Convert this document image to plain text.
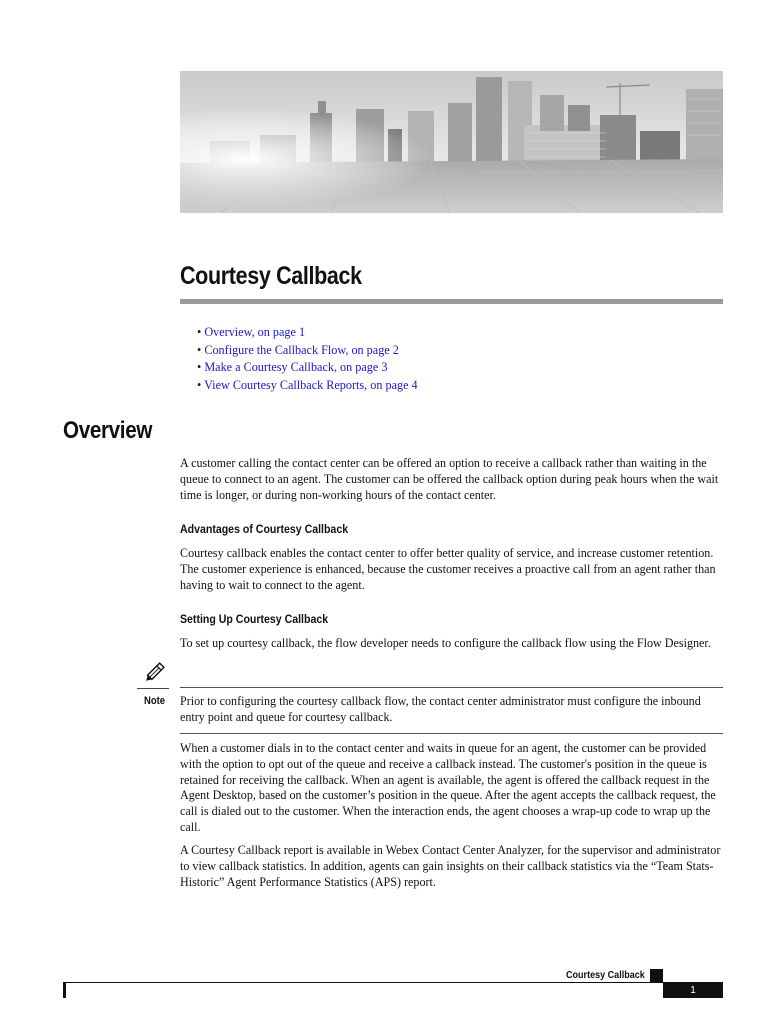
Courtesy Callback
• Overview, on page 1
• Configure the Callback Flow, on page 2
• Make a Courtesy Callback, on page 3
• View Courtesy Callback Reports, on page 4
Overview

A customer calling the contact center can be offered an option to receive a callback rather than waiting in the queue to connect to an agent. The customer can be offered the callback option during peak hours when the wait time is longer, or during non-working hours of the contact center.

Advantages of Courtesy Callback

Courtesy callback enables the contact center to offer better quality of service, and increase customer retention. The customer experience is enhanced, because the customer receives a proactive call from an agent rather than having to wait to connect to the agent.

Setting Up Courtesy Callback

To set up courtesy callback, the flow developer needs to configure the callback flow using the Flow Designer.

Note Prior to configuring the courtesy callback flow, the contact center administrator must configure the inbound entry point and queue for courtesy callback.

When a customer dials in to the contact center and waits in queue for an agent, the customer can be provided with the option to opt out of the queue and receive a callback instead. The customer's position in the queue is retained for receiving the callback. When an agent is available, the agent is offered the callback request in the Agent Desktop, based on the customer’s position in the queue. After the agent accepts the callback request, the call is dialed out to the customer. When the interaction ends, the agent chooses a wrap-up code to wrap up the call.

A Courtesy Callback report is available in Webex Contact Center Analyzer, for the supervisor and administrator to view callback statistics. In addition, agents can gain insights on their callback statistics via the “Team Stats-Historic” Agent Performance Statistics (APS) report.

Courtesy Callback
1
